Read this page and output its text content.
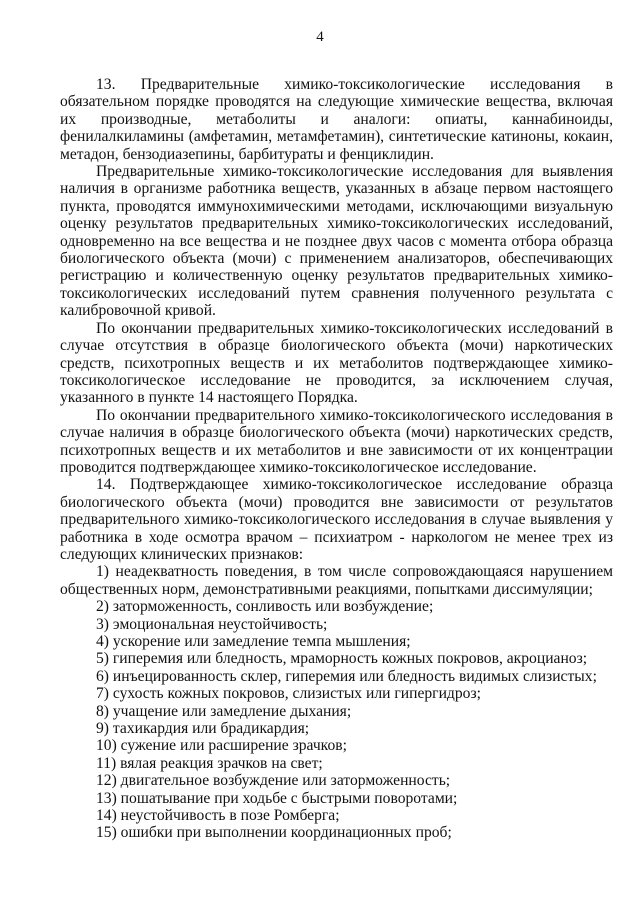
4

13. Предварительные химико-токсикологические исследования в обязательном порядке проводятся на следующие химические вещества, включая их производные, метаболиты и аналоги: опиаты, каннабиноиды, фенилалкиламины (амфетамин, метамфетамин), синтетические катиноны, кокаин, метадон, бензодиазепины, барбитураты и фенциклидин.

Предварительные химико-токсикологические исследования для выявления наличия в организме работника веществ, указанных в абзаце первом настоящего пункта, проводятся иммунохимическими методами, исключающими визуальную оценку результатов предварительных химико-токсикологических исследований, одновременно на все вещества и не позднее двух часов с момента отбора образца биологического объекта (мочи) с применением анализаторов, обеспечивающих регистрацию и количественную оценку результатов предварительных химико-токсикологических исследований путем сравнения полученного результата с калибровочной кривой.

По окончании предварительных химико-токсикологических исследований в случае отсутствия в образце биологического объекта (мочи) наркотических средств, психотропных веществ и их метаболитов подтверждающее химико-токсикологическое исследование не проводится, за исключением случая, указанного в пункте 14 настоящего Порядка.

По окончании предварительного химико-токсикологического исследования в случае наличия в образце биологического объекта (мочи) наркотических средств, психотропных веществ и их метаболитов и вне зависимости от их концентрации проводится подтверждающее химико-токсикологическое исследование.

14. Подтверждающее химико-токсикологическое исследование образца биологического объекта (мочи) проводится вне зависимости от результатов предварительного химико-токсикологического исследования в случае выявления у работника в ходе осмотра врачом – психиатром - наркологом не менее трех из следующих клинических признаков:

1) неадекватность поведения, в том числе сопровождающаяся нарушением общественных норм, демонстративными реакциями, попытками диссимуляции;

2) заторможенность, сонливость или возбуждение;

3) эмоциональная неустойчивость;

4) ускорение или замедление темпа мышления;

5) гиперемия или бледность, мраморность кожных покровов, акроцианоз;

6) инъецированность склер, гиперемия или бледность видимых слизистых;

7) сухость кожных покровов, слизистых или гипергидроз;

8) учащение или замедление дыхания;

9) тахикардия или брадикардия;

10) сужение или расширение зрачков;

11) вялая реакция зрачков на свет;

12) двигательное возбуждение или заторможенность;

13) пошатывание при ходьбе с быстрыми поворотами;

14) неустойчивость в позе Ромберга;

15) ошибки при выполнении координационных проб;
